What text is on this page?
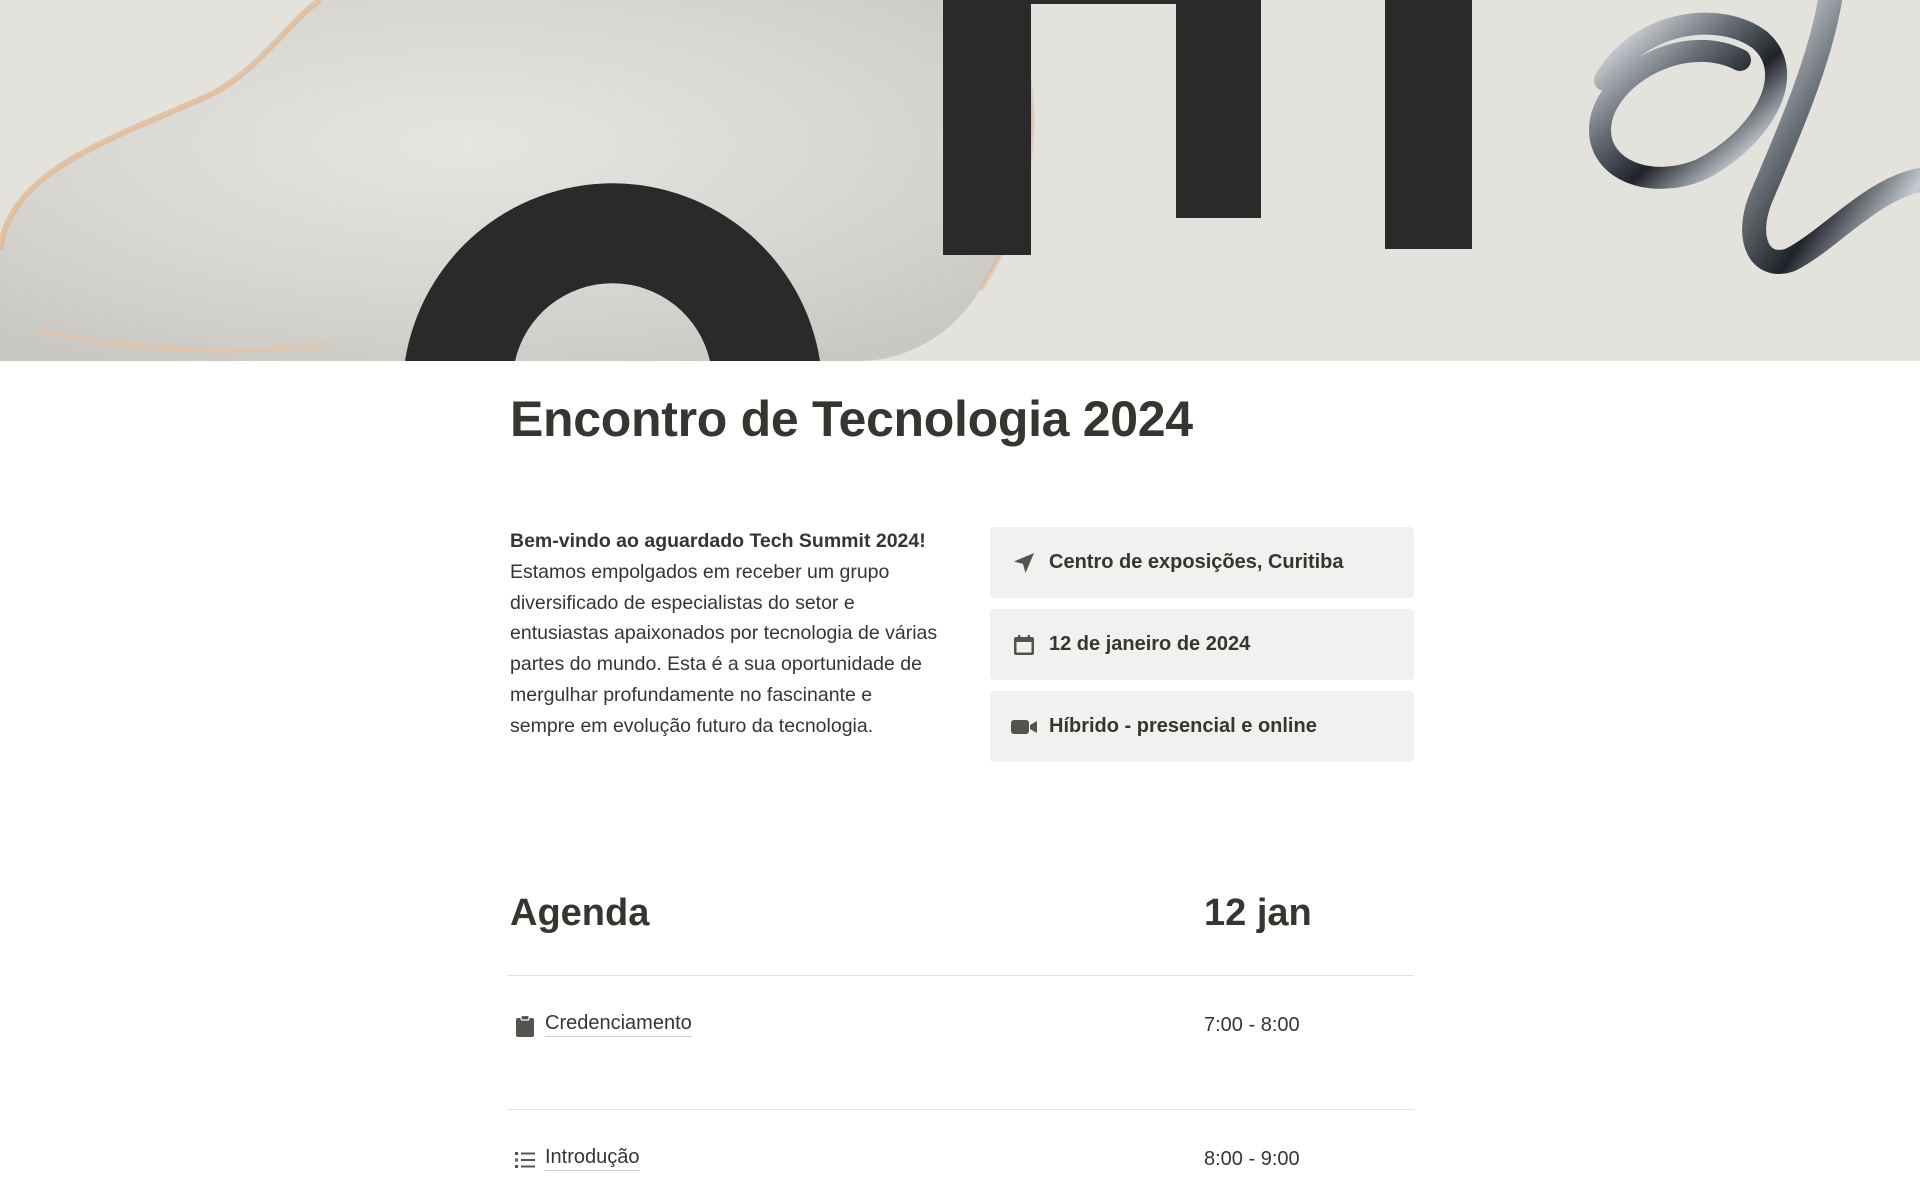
Encontro de Tecnologia 2024

Bem-vindo ao aguardado Tech Summit 2024! Estamos empolgados em receber um grupo diversificado de especialistas do setor e entusiastas apaixonados por tecnologia de várias partes do mundo. Esta é a sua oportunidade de mergulhar profundamente no fascinante e sempre em evolução futuro da tecnologia.

Centro de exposições, Curitiba
12 de janeiro de 2024
Híbrido - presencial e online
Agenda	12 jan
Credenciamento	7:00 - 8:00
Introdução	8:00 - 9:00
